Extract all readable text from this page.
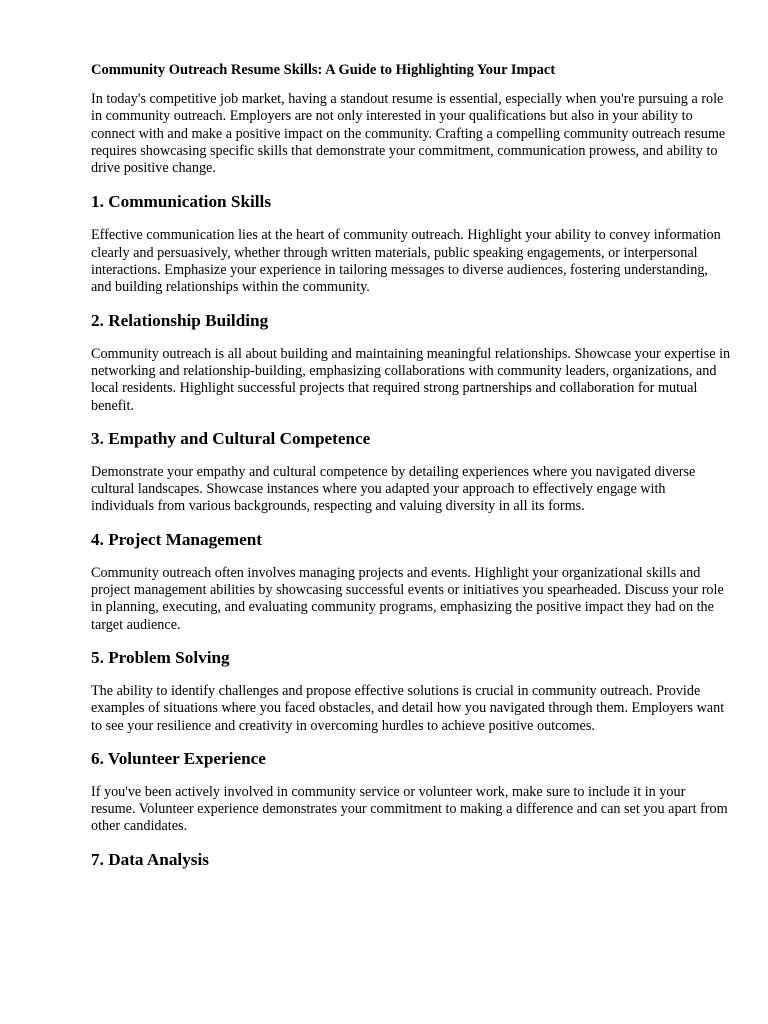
Community Outreach Resume Skills: A Guide to Highlighting Your Impact

In today's competitive job market, having a standout resume is essential, especially when you're pursuing a role in community outreach. Employers are not only interested in your qualifications but also in your ability to connect with and make a positive impact on the community. Crafting a compelling community outreach resume requires showcasing specific skills that demonstrate your commitment, communication prowess, and ability to drive positive change.

1. Communication Skills

Effective communication lies at the heart of community outreach. Highlight your ability to convey information clearly and persuasively, whether through written materials, public speaking engagements, or interpersonal interactions. Emphasize your experience in tailoring messages to diverse audiences, fostering understanding, and building relationships within the community.

2. Relationship Building

Community outreach is all about building and maintaining meaningful relationships. Showcase your expertise in networking and relationship-building, emphasizing collaborations with community leaders, organizations, and local residents. Highlight successful projects that required strong partnerships and collaboration for mutual benefit.

3. Empathy and Cultural Competence

Demonstrate your empathy and cultural competence by detailing experiences where you navigated diverse cultural landscapes. Showcase instances where you adapted your approach to effectively engage with individuals from various backgrounds, respecting and valuing diversity in all its forms.

4. Project Management

Community outreach often involves managing projects and events. Highlight your organizational skills and project management abilities by showcasing successful events or initiatives you spearheaded. Discuss your role in planning, executing, and evaluating community programs, emphasizing the positive impact they had on the target audience.

5. Problem Solving

The ability to identify challenges and propose effective solutions is crucial in community outreach. Provide examples of situations where you faced obstacles, and detail how you navigated through them. Employers want to see your resilience and creativity in overcoming hurdles to achieve positive outcomes.

6. Volunteer Experience

If you've been actively involved in community service or volunteer work, make sure to include it in your resume. Volunteer experience demonstrates your commitment to making a difference and can set you apart from other candidates.

7. Data Analysis
